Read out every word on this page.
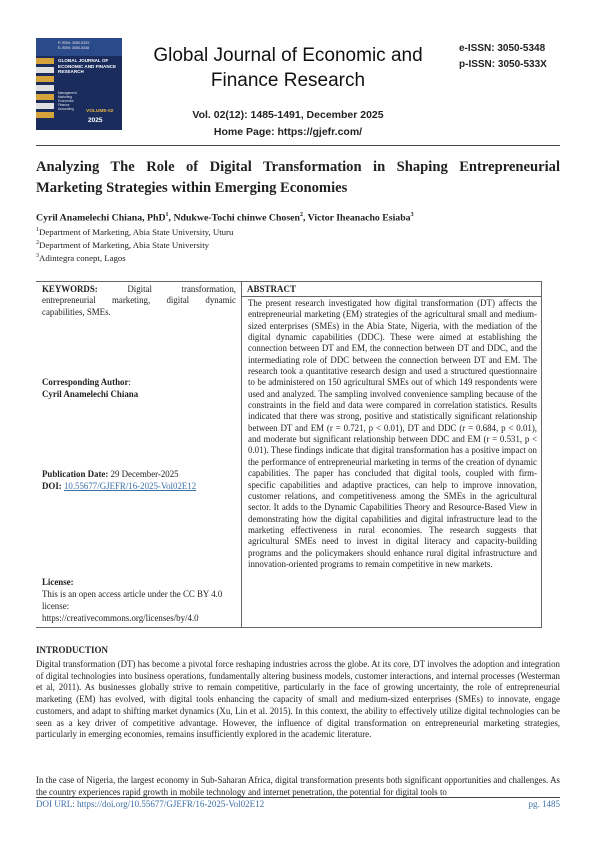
P-ISSN: 3050-533X
E-ISSN: 3050-5348
GLOBAL JOURNAL OF ECONOMIC AND FINANCE RESEARCH
Management
Marketing
Economics
Finance
Accounting	VOLUME-02
2025
Global Journal of Economic and Finance Research
e-ISSN: 3050-5348
p-ISSN: 3050-533X
Vol. 02(12): 1485-1491, December 2025
Home Page: https://gjefr.com/
Analyzing The Role of Digital Transformation in Shaping Entrepreneurial Marketing Strategies within Emerging Economies
Cyril Anamelechi Chiana, PhD$^1$, Ndukwe-Tochi chinwe Chosen$^2$, Victor Iheanacho Esiaba$^3$
$^1$Department of Marketing, Abia State University, Uturu
$^2$Department of Marketing, Abia State University
$^3$Adintegra conept, Lagos
KEYWORDS:	Digital transformation, entrepreneurial marketing, digital dynamic capabilities, SMEs.
Corresponding Author:
Cyril Anamelechi Chiana
Publication Date: 29 December-2025
DOI: 10.55677/GJEFR/16-2025-Vol02E12
License:
This is an open access article under the CC BY 4.0 license:
https://creativecommons.org/licenses/by/4.0
ABSTRACT
The present research investigated how digital transformation (DT) affects the entrepreneurial marketing (EM) strategies of the agricultural small and medium-sized enterprises (SMEs) in the Abia State, Nigeria, with the mediation of the digital dynamic capabilities (DDC). These were aimed at establishing the connection between DT and EM, the connection between DT and DDC, and the intermediating role of DDC between the connection between DT and EM. The research took a quantitative research design and used a structured questionnaire to be administered on 150 agricultural SMEs out of which 149 respondents were used and analyzed. The sampling involved convenience sampling because of the constraints in the field and data were compared in correlation statistics. Results indicated that there was strong, positive and statistically significant relationship between DT and EM (r = 0.721, p < 0.01), DT and DDC (r = 0.684, p < 0.01), and moderate but significant relationship between DDC and EM (r = 0.531, p < 0.01). These findings indicate that digital transformation has a positive impact on the performance of entrepreneurial marketing in terms of the creation of dynamic capabilities. The paper has concluded that digital tools, coupled with firm-specific capabilities and adaptive practices, can help to improve innovation, customer relations, and competitiveness among the SMEs in the agricultural sector. It adds to the Dynamic Capabilities Theory and Resource-Based View in demonstrating how the digital capabilities and digital infrastructure lead to the marketing effectiveness in rural economies. The research suggests that agricultural SMEs need to invest in digital literacy and capacity-building programs and the policymakers should enhance rural digital infrastructure and innovation-oriented programs to remain competitive in new markets.
INTRODUCTION
Digital transformation (DT) has become a pivotal force reshaping industries across the globe. At its core, DT involves the adoption and integration of digital technologies into business operations, fundamentally altering business models, customer interactions, and internal processes (Westerman et al, 2011). As businesses globally strive to remain competitive, particularly in the face of growing uncertainty, the role of entrepreneurial marketing (EM) has evolved, with digital tools enhancing the capacity of small and medium-sized enterprises (SMEs) to innovate, engage customers, and adapt to shifting market dynamics (Xu, Lin et al. 2015). In this context, the ability to effectively utilize digital technologies can be seen as a key driver of competitive advantage. However, the influence of digital transformation on entrepreneurial marketing strategies, particularly in emerging economies, remains insufficiently explored in the academic literature.
In the case of Nigeria, the largest economy in Sub-Saharan Africa, digital transformation presents both significant opportunities and challenges. As the country experiences rapid growth in mobile technology and internet penetration, the potential for digital tools to
DOI URL: https://doi.org/10.55677/GJEFR/16-2025-Vol02E12	pg. 1485
